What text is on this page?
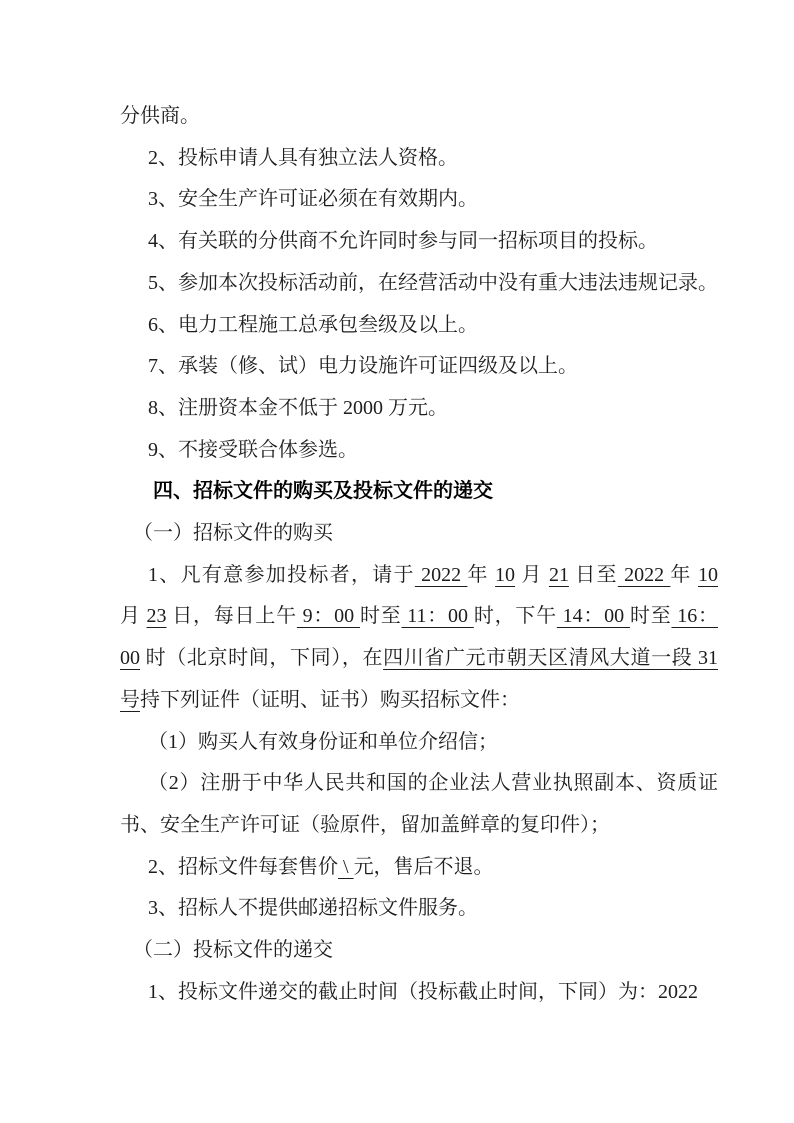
分供商。

2、投标申请人具有独立法人资格。

3、安全生产许可证必须在有效期内。

4、有关联的分供商不允许同时参与同一招标项目的投标。

5、参加本次投标活动前，在经营活动中没有重大违法违规记录。

6、电力工程施工总承包叁级及以上。

7、承装（修、试）电力设施许可证四级及以上。

8、注册资本金不低于 2000 万元。

9、不接受联合体参选。

四、招标文件的购买及投标文件的递交

（一）招标文件的购买

1、凡有意参加投标者，请于 2022 年 10 月 21 日至 2022 年 10

月 23 日，每日上午 9：00 时至 11：00 时，下午 14：00 时至 16：

00 时（北京时间，下同），在四川省广元市朝天区清风大道一段 31

号持下列证件（证明、证书）购买招标文件：

（1）购买人有效身份证和单位介绍信；

（2）注册于中华人民共和国的企业法人营业执照副本、资质证

书、安全生产许可证（验原件，留加盖鲜章的复印件）；

2、招标文件每套售价 \ 元，售后不退。

3、招标人不提供邮递招标文件服务。

（二）投标文件的递交

1、投标文件递交的截止时间（投标截止时间，下同）为：2022
